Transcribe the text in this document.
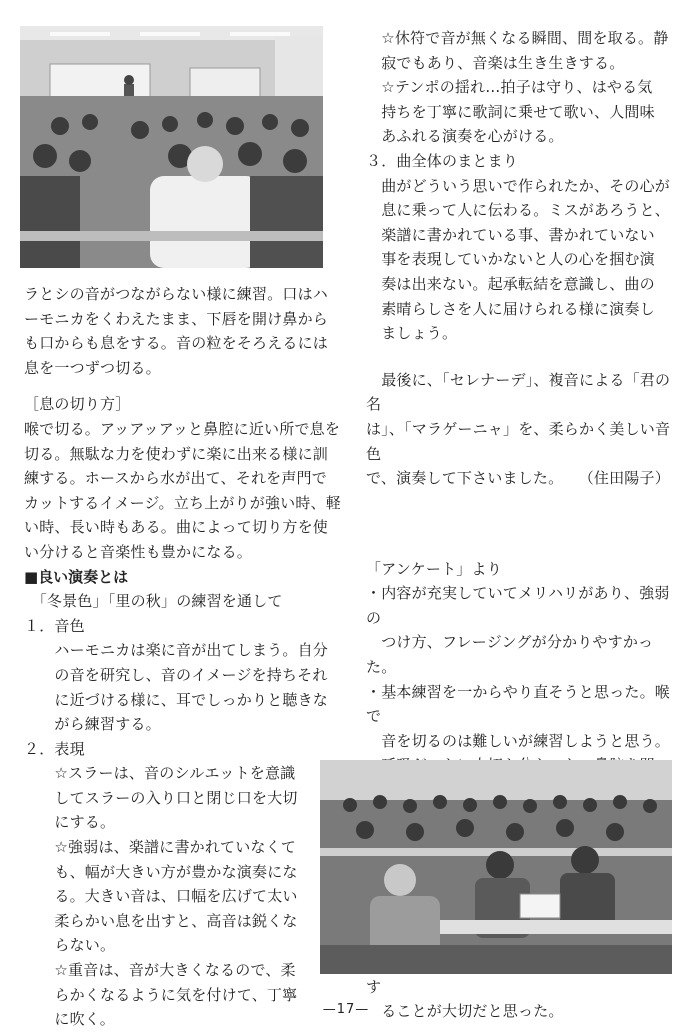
ラとシの音がつながらない様に練習。口はハーモニカをくわえたまま、下唇を開け鼻からも口からも息をする。音の粒をそろえるには息を一つずつ切る。

［息の切り方］
喉で切る。アッアッアッと鼻腔に近い所で息を切る。無駄な力を使わずに楽に出来る様に訓練する。ホースから水が出て、それを声門でカットするイメージ。立ち上がりが強い時、軽い時、長い時もある。曲によって切り方を使い分けると音楽性も豊かになる。

■良い演奏とは

　「冬景色」「里の秋」の練習を通して
１．音色
　　ハーモニカは楽に音が出てしまう。自分
　　の音を研究し、音のイメージを持ちそれ
　　に近づける様に、耳でしっかりと聴きな
　　がら練習する。
２．表現
　　☆スラーは、音のシルエットを意識
　　してスラーの入り口と閉じ口を大切
　　にする。
　　☆強弱は、楽譜に書かれていなくて
　　も、幅が大きい方が豊かな演奏にな
　　る。大きい音は、口幅を広げて太い
　　柔らかい息を出すと、高音は鋭くな
　　らない。
　　☆重音は、音が大きくなるので、柔
　　らかくなるように気を付けて、丁寧
　　に吹く。

　☆休符で音が無くなる瞬間、間を取る。静
　寂でもあり、音楽は生き生きする。
　☆テンポの揺れ…拍子は守り、はやる気
　持ちを丁寧に歌詞に乗せて歌い、人間味
　あふれる演奏を心がける。
３．曲全体のまとまり
　曲がどういう思いで作られたか、その心が
　息に乗って人に伝わる。ミスがあろうと、
　楽譜に書かれている事、書かれていない
　事を表現していかないと人の心を掴む演
　奏は出来ない。起承転結を意識し、曲の
　素晴らしさを人に届けられる様に演奏し
　ましょう。

　最後に、「セレナーデ」、複音による「君の名
は」、「マラゲーニャ」を、柔らかく美しい音色
で、演奏して下さいました。　　（住田陽子）

「アンケート」より
・内容が充実していてメリハリがあり、強弱の
　つけ方、フレージングが分かりやすかった。
・基本練習を一からやり直そうと思った。喉で
　音を切るのは難しいが練習しようと思う。

　　す
　ることが大切だと思った。

—17—
